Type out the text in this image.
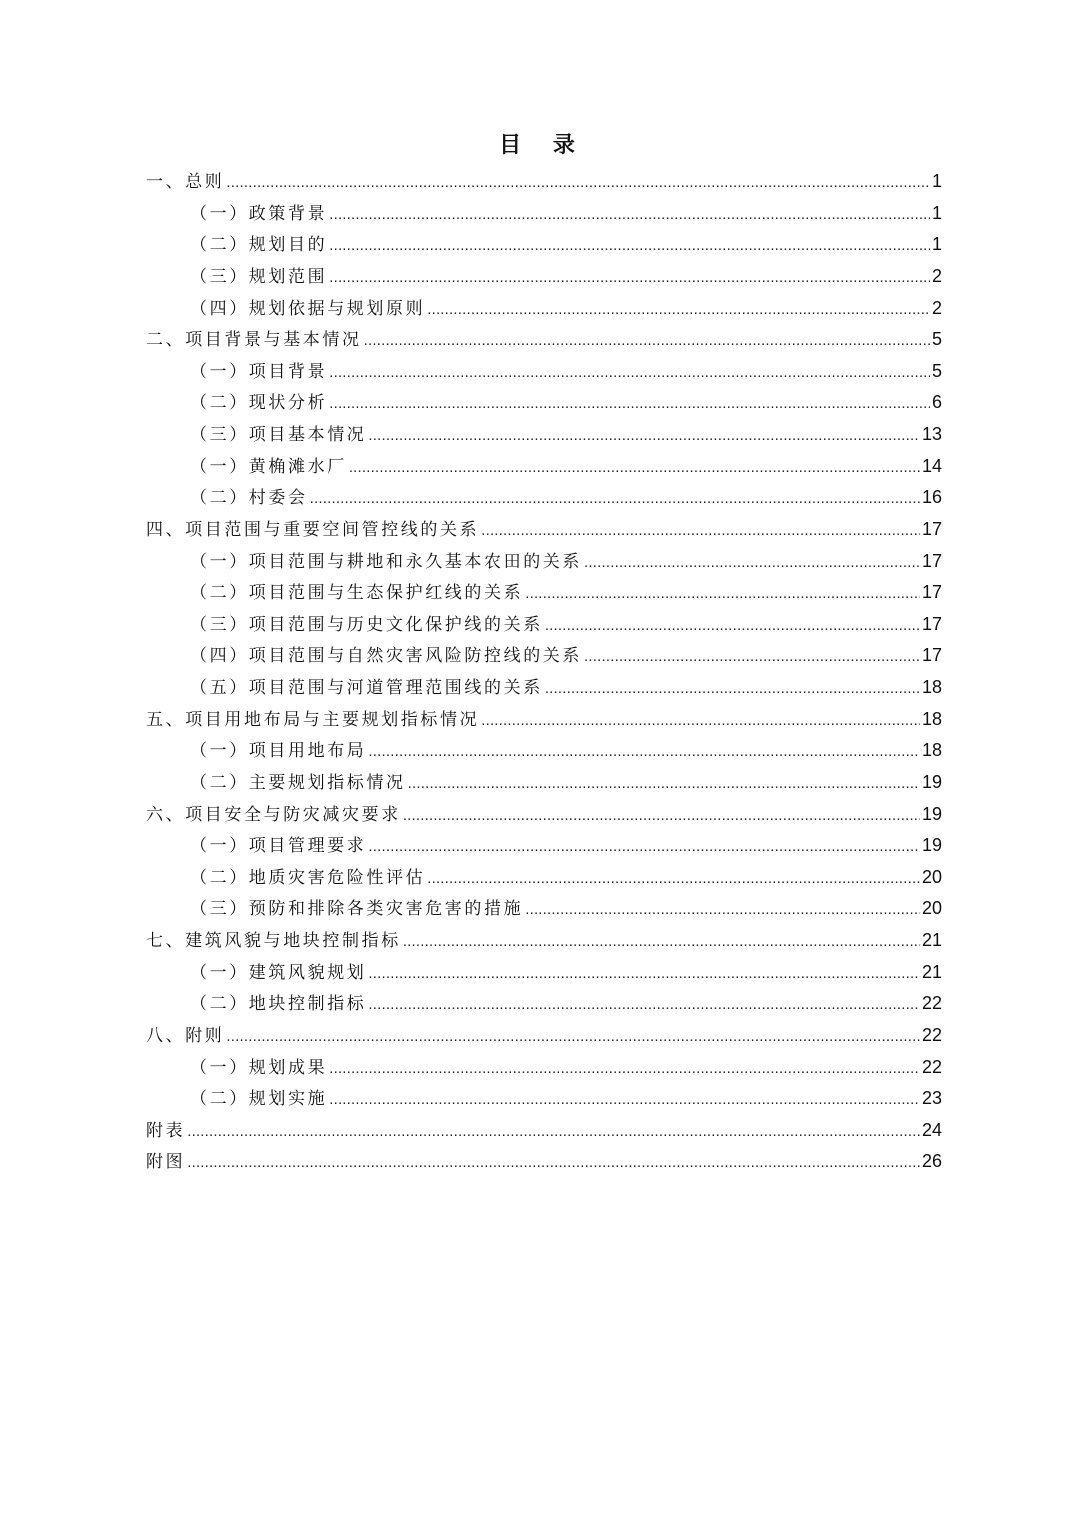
目 录
一、总则 .....	1
（一）政策背景 .....	1
（二）规划目的 .....	1
（三）规划范围 .....	2
（四）规划依据与规划原则 .....	2
二、项目背景与基本情况 .....	5
（一）项目背景 .....	5
（二）现状分析 .....	6
（三）项目基本情况 .....	13
（一）黄桷滩水厂 .....	14
（二）村委会 .....	16
四、项目范围与重要空间管控线的关系 .....	17
（一）项目范围与耕地和永久基本农田的关系 .....	17
（二）项目范围与生态保护红线的关系 .....	17
（三）项目范围与历史文化保护线的关系 .....	17
（四）项目范围与自然灾害风险防控线的关系 .....	17
（五）项目范围与河道管理范围线的关系 .....	18
五、项目用地布局与主要规划指标情况 .....	18
（一）项目用地布局 .....	18
（二）主要规划指标情况 .....	19
六、项目安全与防灾减灾要求 .....	19
（一）项目管理要求 .....	19
（二）地质灾害危险性评估 .....	20
（三）预防和排除各类灾害危害的措施 .....	20
七、建筑风貌与地块控制指标 .....	21
（一）建筑风貌规划 .....	21
（二）地块控制指标 .....	22
八、附则 .....	22
（一）规划成果 .....	22
（二）规划实施 .....	23
附表 .....	24
附图 .....	26
